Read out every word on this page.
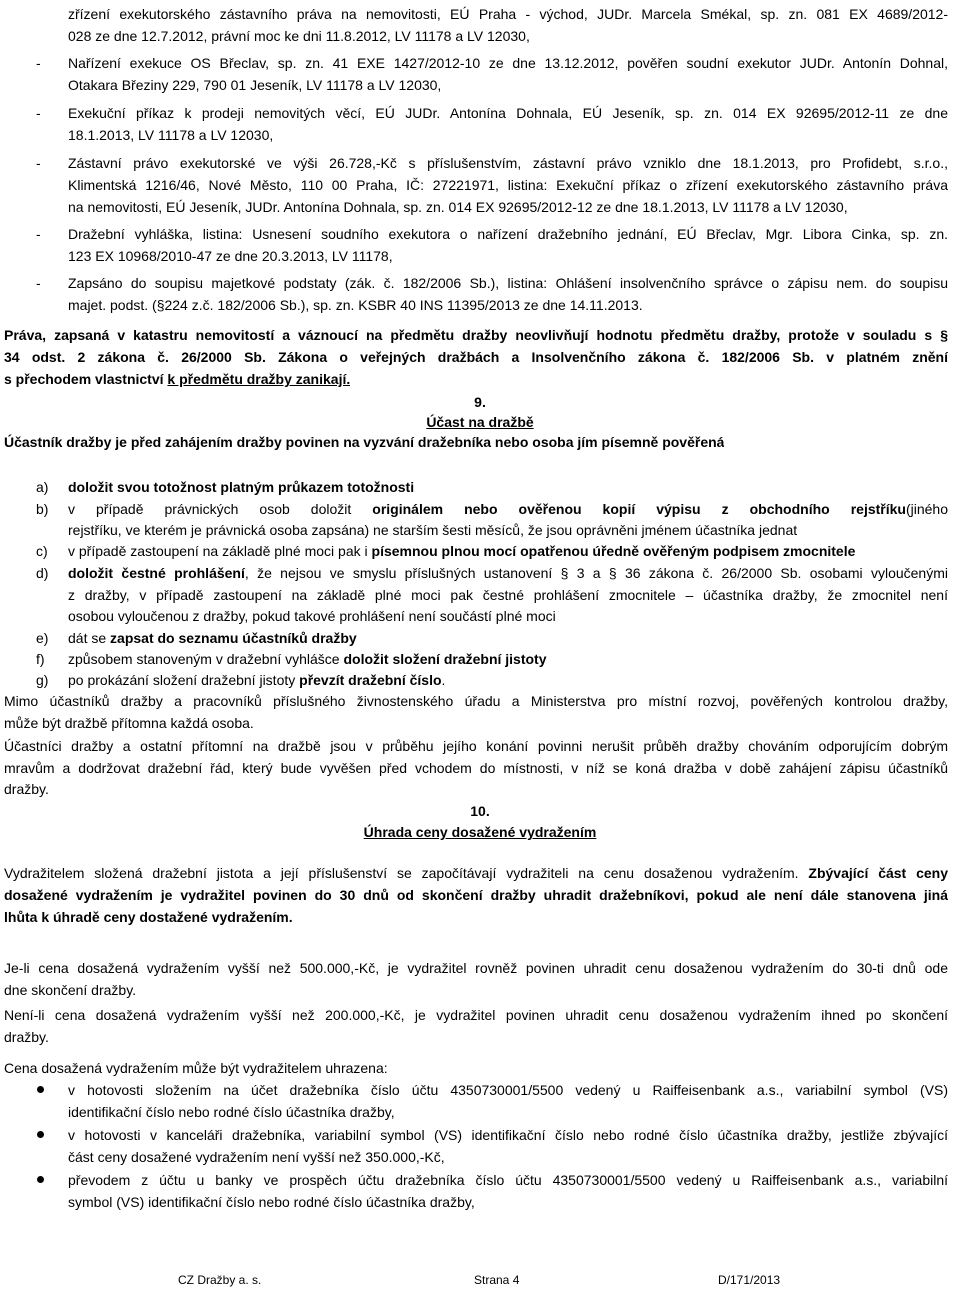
zřízení exekutorského zástavního práva na nemovitosti, EÚ Praha - východ, JUDr. Marcela Smékal, sp. zn. 081 EX 4689/2012-
028 ze dne 12.7.2012, právní moc ke dni 11.8.2012, LV 11178 a LV 12030,
-	Nařízení exekuce OS Břeclav, sp. zn. 41 EXE 1427/2012-10 ze dne 13.12.2012, pověřen soudní exekutor JUDr. Antonín Dohnal,
Otakara Březiny 229, 790 01 Jeseník, LV 11178 a LV 12030,
-	Exekuční příkaz k prodeji nemovitých věcí, EÚ JUDr. Antonína Dohnala, EÚ Jeseník, sp. zn. 014 EX 92695/2012-11 ze dne
18.1.2013, LV 11178 a LV 12030,
-	Zástavní právo exekutorské ve výši 26.728,-Kč s příslušenstvím, zástavní právo vzniklo dne 18.1.2013, pro Profidebt, s.r.o.,
Klimentská 1216/46, Nové Město, 110 00 Praha, IČ: 27221971, listina: Exekuční příkaz o zřízení exekutorského zástavního práva
na nemovitosti, EÚ Jeseník, JUDr. Antonína Dohnala, sp. zn. 014 EX 92695/2012-12 ze dne 18.1.2013, LV 11178 a LV 12030,
-	Dražební vyhláška, listina: Usnesení soudního exekutora o nařízení dražebního jednání, EÚ Břeclav, Mgr. Libora Cinka, sp. zn.
123 EX 10968/2010-47 ze dne 20.3.2013, LV 11178,
-	Zapsáno do soupisu majetkové podstaty (zák. č. 182/2006 Sb.), listina: Ohlášení insolvenčního správce o zápisu nem. do soupisu
majet. podst. (§224 z.č. 182/2006 Sb.), sp. zn. KSBR 40 INS 11395/2013 ze dne 14.11.2013.
Práva, zapsaná v katastru nemovitostí a váznoucí na předmětu dražby neovlivňují hodnotu předmětu dražby, protože v souladu s §
34 odst. 2 zákona č. 26/2000 Sb. Zákona o veřejných dražbách a Insolvenčního zákona č. 182/2006 Sb. v platném znění
s přechodem vlastnictví k předmětu dražby zanikají.
9.
Účast na dražbě
Účastník dražby je před zahájením dražby povinen na vyzvání dražebníka nebo osoba jím písemně pověřená
a)	doložit svou totožnost platným průkazem totožnosti
b)	v případě právnických osob doložit originálem nebo ověřenou kopií výpisu z obchodního rejstříku(jiného
rejstříku, ve kterém je právnická osoba zapsána) ne starším šesti měsíců, že jsou oprávněni jménem účastníka jednat
c)	v případě zastoupení na základě plné moci pak i písemnou plnou mocí opatřenou úředně ověřeným podpisem zmocnitele
d)	doložit čestné prohlášení, že nejsou ve smyslu příslušných ustanovení § 3 a § 36 zákona č. 26/2000 Sb. osobami vyloučenými
z dražby, v případě zastoupení na základě plné moci pak čestné prohlášení zmocnitele – účastníka dražby, že zmocnitel není
osobou vyloučenou z dražby, pokud takové prohlášení není součástí plné moci
e)	dát se zapsat do seznamu účastníků dražby
f)	způsobem stanoveným v dražební vyhlášce doložit složení dražební jistoty
g)	po prokázání složení dražební jistoty převzít dražební číslo.
Mimo účastníků dražby a pracovníků příslušného živnostenského úřadu a Ministerstva pro místní rozvoj, pověřených kontrolou dražby,
může být dražbě přítomna každá osoba.
Účastníci dražby a ostatní přítomní na dražbě jsou v průběhu jejího konání povinni nerušit průběh dražby chováním odporujícím dobrým
mravům a dodržovat dražební řád, který bude vyvěšen před vchodem do místnosti, v níž se koná dražba v době zahájení zápisu účastníků
dražby.
10.
Úhrada ceny dosažené vydražením
Vydražitelem složená dražební jistota a její příslušenství se započítávají vydražiteli na cenu dosaženou vydražením. Zbývající část ceny
dosažené vydražením je vydražitel povinen do 30 dnů od skončení dražby uhradit dražebníkovi, pokud ale není dále stanovena jiná
lhůta k úhradě ceny dostažené vydražením.
Je-li cena dosažená vydražením vyšší než 500.000,-Kč, je vydražitel rovněž povinen uhradit cenu dosaženou vydražením do 30-ti dnů ode
dne skončení dražby.
Není-li cena dosažená vydražením vyšší než 200.000,-Kč, je vydražitel povinen uhradit cenu dosaženou vydražením ihned po skončení
dražby.
Cena dosažená vydražením může být vydražitelem uhrazena:
v hotovosti složením na účet dražebníka číslo účtu 4350730001/5500 vedený u Raiffeisenbank a.s., variabilní symbol (VS)
identifikační číslo nebo rodné číslo účastníka dražby,
v hotovosti v kanceláři dražebníka, variabilní symbol (VS) identifikační číslo nebo rodné číslo účastníka dražby, jestliže zbývající
část ceny dosažené vydražením není vyšší než 350.000,-Kč,
převodem z účtu u banky ve prospěch účtu dražebníka číslo účtu 4350730001/5500 vedený u Raiffeisenbank a.s., variabilní
symbol (VS) identifikační číslo nebo rodné číslo účastníka dražby,
CZ Dražby a. s.	Strana 4	D/171/2013
